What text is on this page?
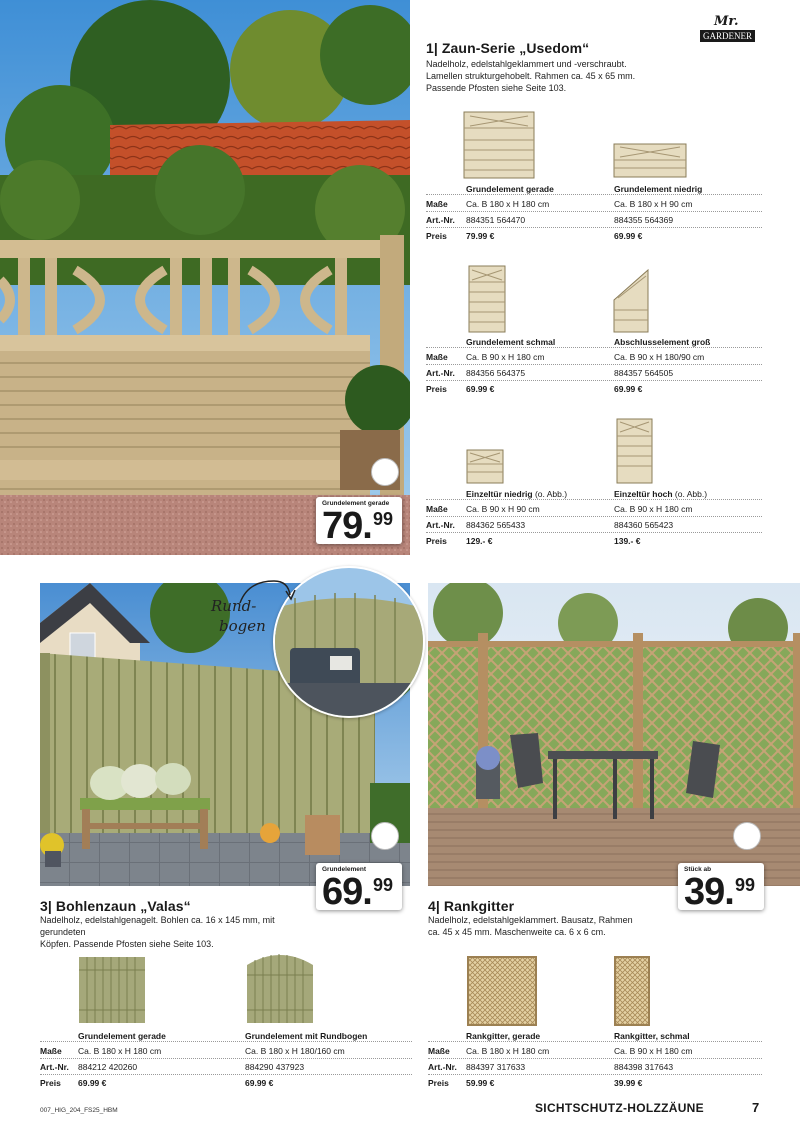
Grundelement gerade
79. 99
Mr.
GARDENER
1| Zaun-Serie „Usedom“
Nadelholz, edelstahlgeklammert und -verschraubt.
Lamellen strukturgehobelt. Rahmen ca. 45 x 65 mm.
Passende Pfosten siehe Seite 103.
Grundelement gerade	Grundelement niedrig
Maße Ca. B 180 x H 180 cm	Ca. B 180 x H 90 cm
Art.-Nr. 884351 564470	884355 564369
Preis 79.99 €	69.99 €
Grundelement schmal	Abschlusselement groß
Maße Ca. B 90 x H 180 cm	Ca. B 90 x H 180/90 cm
Art.-Nr. 884356 564375	884357 564505
Preis 69.99 €	69.99 €
Einzeltür niedrig (o. Abb.)	Einzeltür hoch (o. Abb.)
Maße Ca. B 90 x H 90 cm	Ca. B 90 x H 180 cm
Art.-Nr. 884362 565433	884360 565423
Preis 129.- €	139.- €
Rund-
bogen
Grundelement
69. 99
3| Bohlenzaun „Valas“
Nadelholz, edelstahlgenagelt. Bohlen ca. 16 x 145 mm, mit gerundeten
Köpfen. Passende Pfosten siehe Seite 103.
Grundelement gerade	Grundelement mit Rundbogen
Maße Ca. B 180 x H 180 cm	Ca. B 180 x H 180/160 cm
Art.-Nr. 884212 420260	884290 437923
Preis 69.99 €	69.99 €
Stück ab
39. 99
4| Rankgitter
Nadelholz, edelstahlgeklammert. Bausatz, Rahmen
ca. 45 x 45 mm. Maschenweite ca. 6 x 6 cm.
Rankgitter, gerade	Rankgitter, schmal
Maße Ca. B 180 x H 180 cm	Ca. B 90 x H 180 cm
Art.-Nr. 884397 317633	884398 317643
Preis 59.99 €	39.99 €
007_HIG_204_FS25_HBM	SICHTSCHUTZ-HOLZZÄUNE	7
